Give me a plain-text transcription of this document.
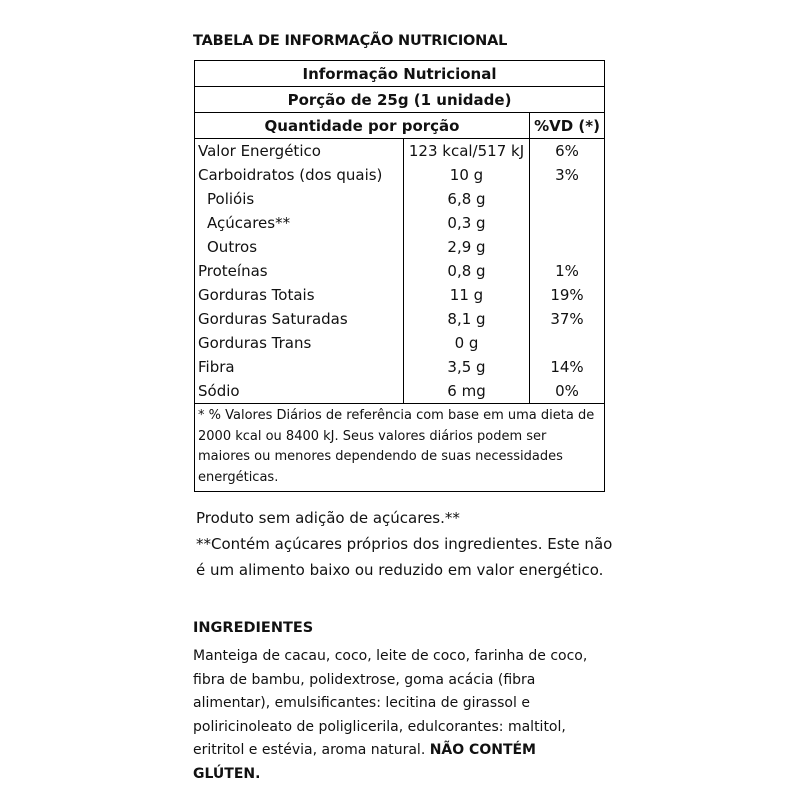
TABELA DE INFORMAÇÃO NUTRICIONAL
Informação Nutricional		
Porção de 25g (1 unidade)		
Quantidade por porção		%VD (*)
Valor Energético	123 kcal/517 kJ	6%
Carboidratos (dos quais)	10 g	3%
Polióis	6,8 g	
Açúcares**	0,3 g	
Outros	2,9 g	
Proteínas	0,8 g	1%
Gorduras Totais	11 g	19%
Gorduras Saturadas	8,1 g	37%
Gorduras Trans	0 g	
Fibra	3,5 g	14%
Sódio	6 mg	0%
* % Valores Diários de referência com base em uma dieta de 2000 kcal ou 8400 kJ. Seus valores diários podem ser maiores ou menores dependendo de suas necessidades energéticas.		

Produto sem adição de açúcares.**

**Contém açúcares próprios dos ingredientes. Este não é um alimento baixo ou reduzido em valor energético.

INGREDIENTES
Manteiga de cacau, coco, leite de coco, farinha de coco, fibra de bambu, polidextrose, goma acácia (fibra alimentar), emulsificantes: lecitina de girassol e poliricinoleato de poliglicerila, edulcorantes: maltitol, eritritol e estévia, aroma natural. NÃO CONTÉM GLÚTEN.
